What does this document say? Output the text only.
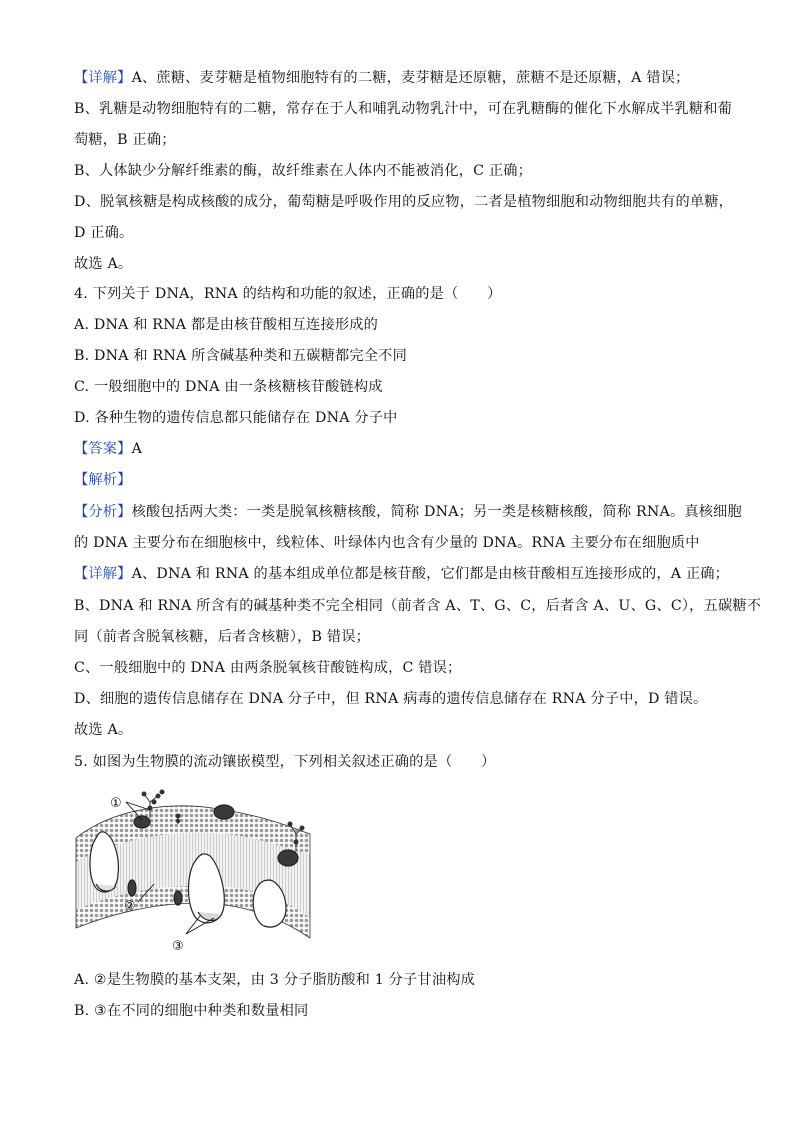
【详解】A、蔗糖、麦芽糖是植物细胞特有的二糖，麦芽糖是还原糖，蔗糖不是还原糖，A 错误；
B、乳糖是动物细胞特有的二糖，常存在于人和哺乳动物乳汁中，可在乳糖酶的催化下水解成半乳糖和葡
萄糖，B 正确；
B、人体缺少分解纤维素的酶，故纤维素在人体内不能被消化，C 正确；
D、脱氧核糖是构成核酸的成分，葡萄糖是呼吸作用的反应物，二者是植物细胞和动物细胞共有的单糖，
D 正确。
故选 A。
4. 下列关于 DNA，RNA 的结构和功能的叙述，正确的是（　　）
A. DNA 和 RNA 都是由核苷酸相互连接形成的
B. DNA 和 RNA 所含碱基种类和五碳糖都完全不同
C. 一般细胞中的 DNA 由一条核糖核苷酸链构成
D. 各种生物的遗传信息都只能储存在 DNA 分子中
【答案】A
【解析】
【分析】核酸包括两大类：一类是脱氧核糖核酸，简称 DNA；另一类是核糖核酸，简称 RNA。真核细胞
的 DNA 主要分布在细胞核中，线粒体、叶绿体内也含有少量的 DNA。RNA 主要分布在细胞质中
【详解】A、DNA 和 RNA 的基本组成单位都是核苷酸，它们都是由核苷酸相互连接形成的，A 正确；
B、DNA 和 RNA 所含有的碱基种类不完全相同（前者含 A、T、G、C，后者含 A、U、G、C），五碳糖不
同（前者含脱氧核糖，后者含核糖），B 错误；
C、一般细胞中的 DNA 由两条脱氧核苷酸链构成，C 错误；
D、细胞的遗传信息储存在 DNA 分子中，但 RNA 病毒的遗传信息储存在 RNA 分子中，D 错误。
故选 A。
5. 如图为生物膜的流动镶嵌模型，下列相关叙述正确的是（　　）
A. ②是生物膜的基本支架，由 3 分子脂肪酸和 1 分子甘油构成
B. ③在不同的细胞中种类和数量相同
①
②
③
